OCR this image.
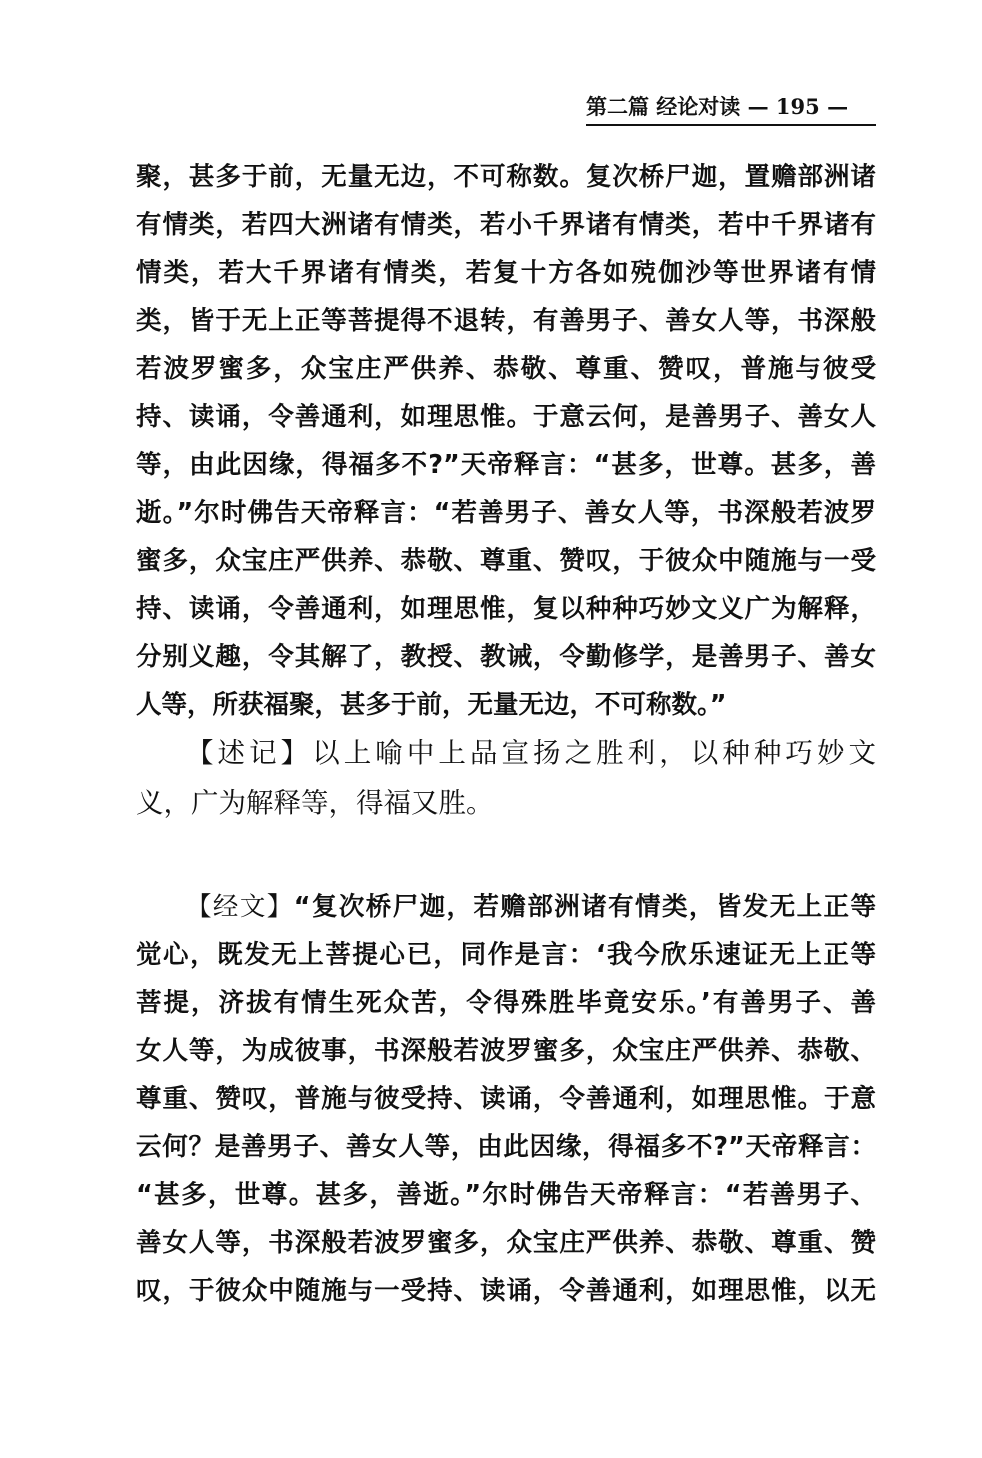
第二篇 经论对读 — 195 —
聚，甚多于前，无量无边，不可称数。复次桥尸迦，置赡部洲诸
有情类，若四大洲诸有情类，若小千界诸有情类，若中千界诸有
情类，若大千界诸有情类，若复十方各如殑伽沙等世界诸有情
类，皆于无上正等菩提得不退转，有善男子、善女人等，书深般
若波罗蜜多，众宝庄严供养、恭敬、尊重、赞叹，普施与彼受
持、读诵，令善通利，如理思惟。于意云何，是善男子、善女人
等，由此因缘，得福多不?”天帝释言：“甚多，世尊。甚多，善
逝。”尔时佛告天帝释言：“若善男子、善女人等，书深般若波罗
蜜多，众宝庄严供养、恭敬、尊重、赞叹，于彼众中随施与一受
持、读诵，令善通利，如理思惟，复以种种巧妙文义广为解释，
分别义趣，令其解了，教授、教诫，令勤修学，是善男子、善女
人等，所获福聚，甚多于前，无量无边，不可称数。”
【述记】以上喻中上品宣扬之胜利，以种种巧妙文
义，广为解释等，得福又胜。
【经文】“复次桥尸迦，若赡部洲诸有情类，皆发无上正等
觉心，既发无上菩提心已，同作是言：‘我今欣乐速证无上正等
菩提，济拔有情生死众苦，令得殊胜毕竟安乐。’有善男子、善
女人等，为成彼事，书深般若波罗蜜多，众宝庄严供养、恭敬、
尊重、赞叹，普施与彼受持、读诵，令善通利，如理思惟。于意
云何？是善男子、善女人等，由此因缘，得福多不?”天帝释言：
“甚多，世尊。甚多，善逝。”尔时佛告天帝释言：“若善男子、
善女人等，书深般若波罗蜜多，众宝庄严供养、恭敬、尊重、赞
叹，于彼众中随施与一受持、读诵，令善通利，如理思惟，以无
